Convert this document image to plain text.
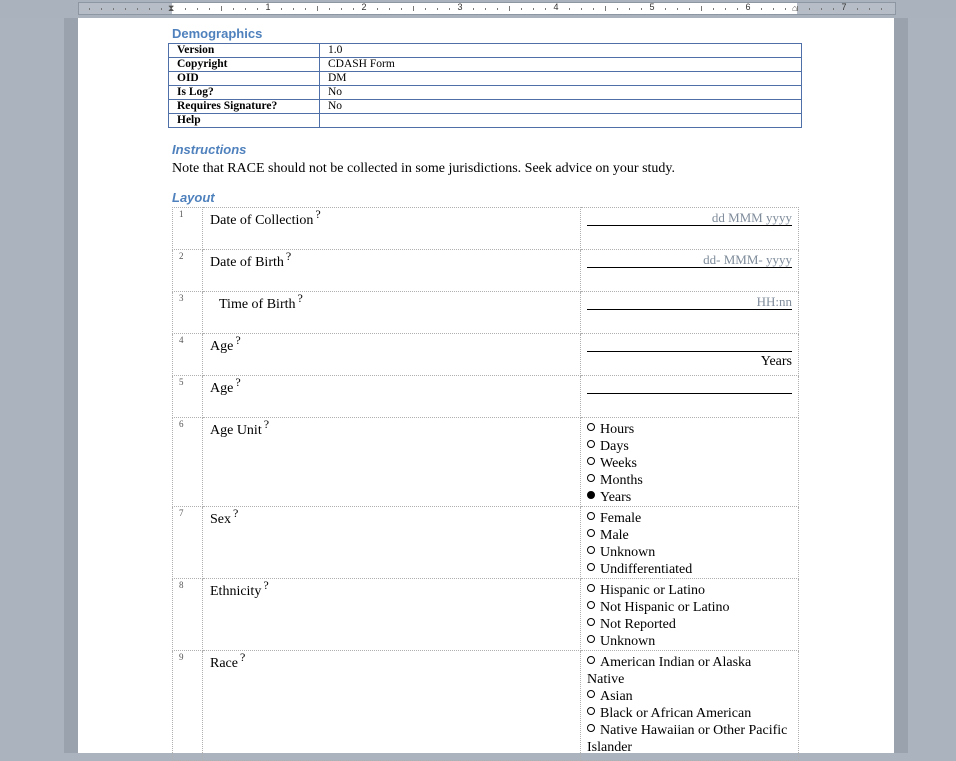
⧗	⌂
1	2	3	4	5	6	7
Demographics
Version	1.0
Copyright	CDASH Form
OID	DM
Is Log?	No
Requires Signature?	No
Help	
Instructions
Note that RACE should not be collected in some jurisdictions. Seek advice on your study.
Layout
1	Date of Collection ?	dd MMM yyyy

2	Date of Birth ?	dd- MMM- yyyy

3	Time of Birth ?	HH:nn

4	Age ?	Years

5	Age ?	

6	Age Unit ?	Hours
Days
Weeks
Months
Years

7	Sex ?	Female
Male
Unknown
Undifferentiated

8	Ethnicity ?	Hispanic or Latino
Not Hispanic or Latino
Not Reported
Unknown

9	Race ?	American Indian or Alaska Native
Asian
Black or African American
Native Hawaiian or Other Pacific Islander
